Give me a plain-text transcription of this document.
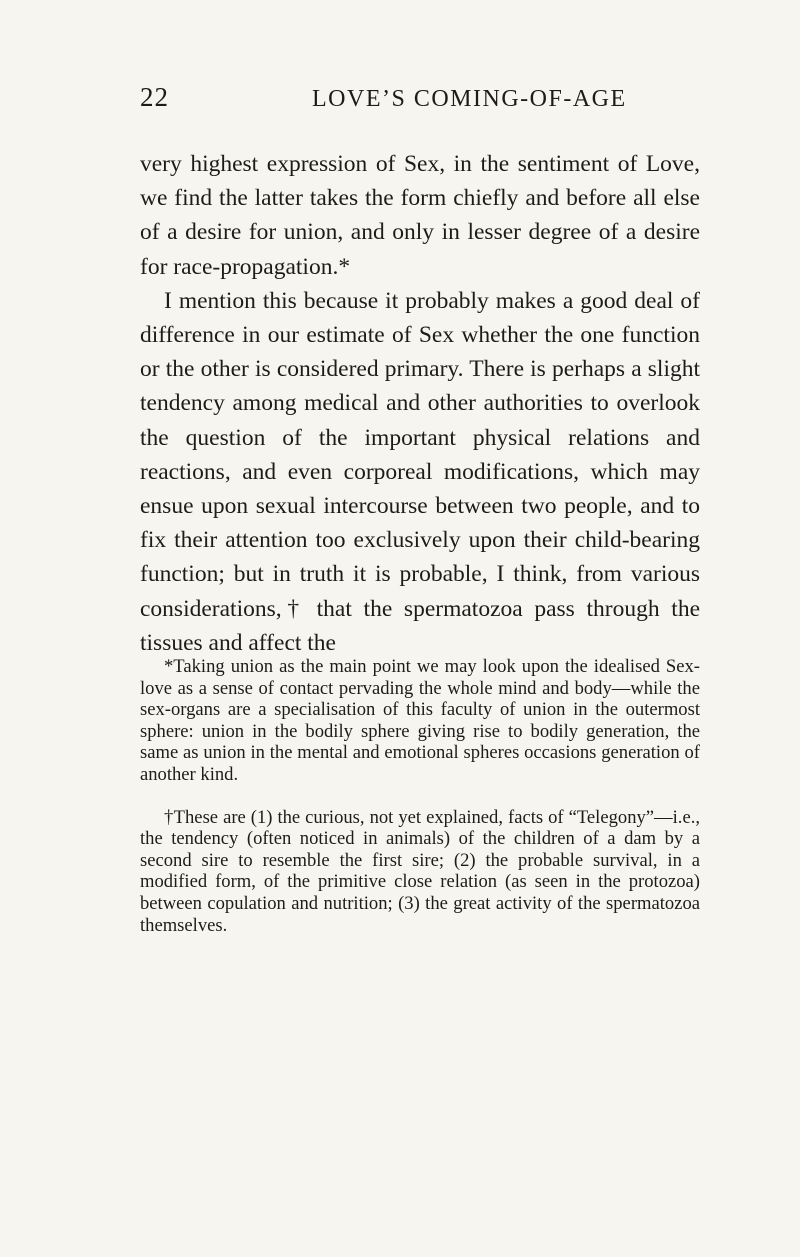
22	LOVE’S COMING-OF-AGE

very highest expression of Sex, in the sentiment of Love, we find the latter takes the form chiefly and before all else of a desire for union, and only in lesser degree of a desire for race-propagation.*

I mention this because it probably makes a good deal of difference in our estimate of Sex whether the one function or the other is considered primary. There is perhaps a slight tendency among medical and other authorities to overlook the question of the important physical relations and reactions, and even corporeal modifications, which may ensue upon sexual intercourse between two people, and to fix their attention too exclusively upon their child-bearing function; but in truth it is probable, I think, from various considerations,† that the spermatozoa pass through the tissues and affect the

*Taking union as the main point we may look upon the idealised Sex-love as a sense of contact pervading the whole mind and body—while the sex-organs are a specialisation of this faculty of union in the outermost sphere: union in the bodily sphere giving rise to bodily generation, the same as union in the mental and emotional spheres occasions generation of another kind.

†These are (1) the curious, not yet explained, facts of “Telegony”—i.e., the tendency (often noticed in animals) of the children of a dam by a second sire to resemble the first sire; (2) the probable survival, in a modified form, of the primitive close relation (as seen in the protozoa) between copulation and nutrition; (3) the great activity of the spermatozoa themselves.
